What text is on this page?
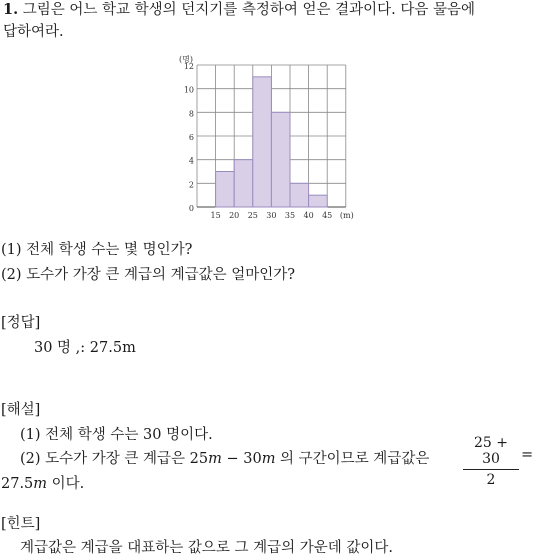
1. 그림은 어느 학교 학생의 던지기를 측정하여 얻은 결과이다. 다음 물음에
답하여라.
0
2
4
6
8
10
12
(명)
15 20 25 30 35 40 45 (m)
(1) 전체 학생 수는 몇 명인가?
(2) 도수가 가장 큰 계급의 계급값은 얼마인가?
[정답]
30 명 ,: 27.5m
[해설]
(1) 전체 학생 수는 30 명이다.
(2) 도수가 가장 큰 계급은 25m − 30m 의 구간이므로 계급값은
25 + 30
2
=
27.5m 이다.
[힌트]
계급값은 계급을 대표하는 값으로 그 계급의 가운데 값이다.
